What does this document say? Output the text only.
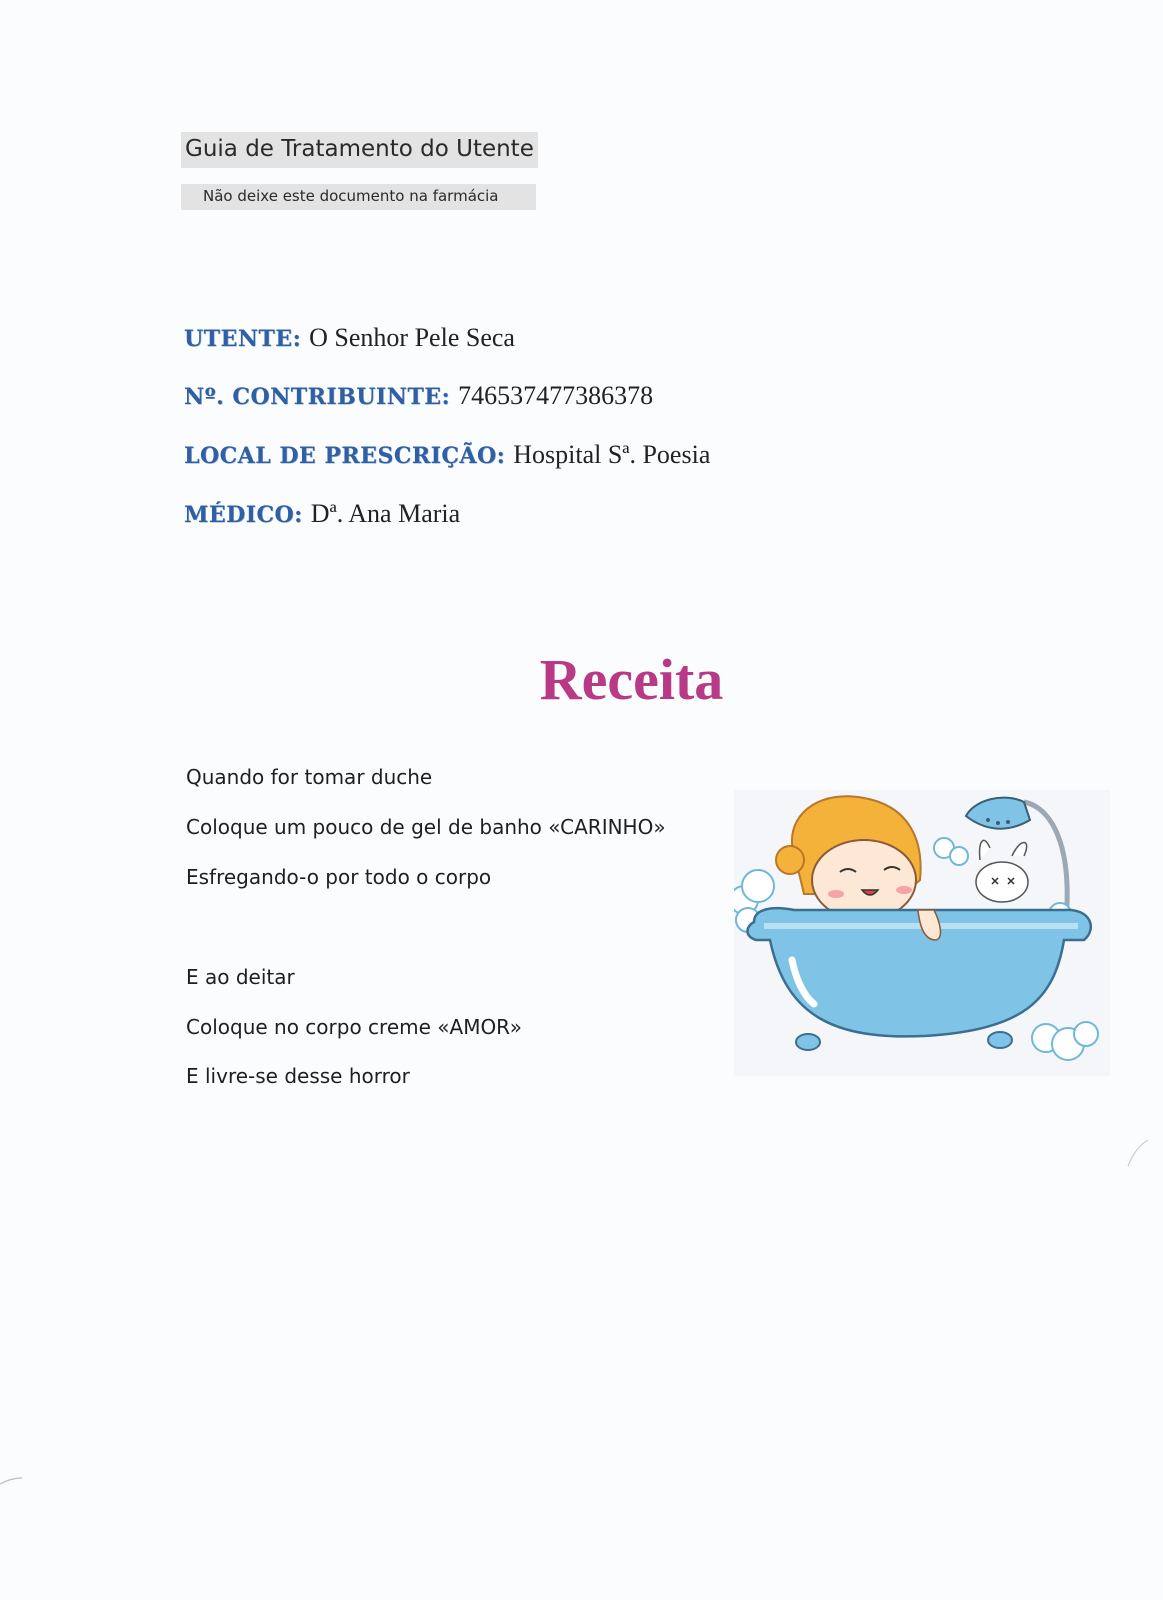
Guia de Tratamento do Utente
Não deixe este documento na farmácia
UTENTE: O Senhor Pele Seca
Nº. CONTRIBUINTE: 746537477386378
LOCAL DE PRESCRIÇÃO: Hospital Sª. Poesia
MÉDICO: Dª. Ana Maria
Receita
Quando for tomar duche
Coloque um pouco de gel de banho «CARINHO»
Esfregando-o por todo o corpo
E ao deitar
Coloque no corpo creme «AMOR»
E livre-se desse horror
